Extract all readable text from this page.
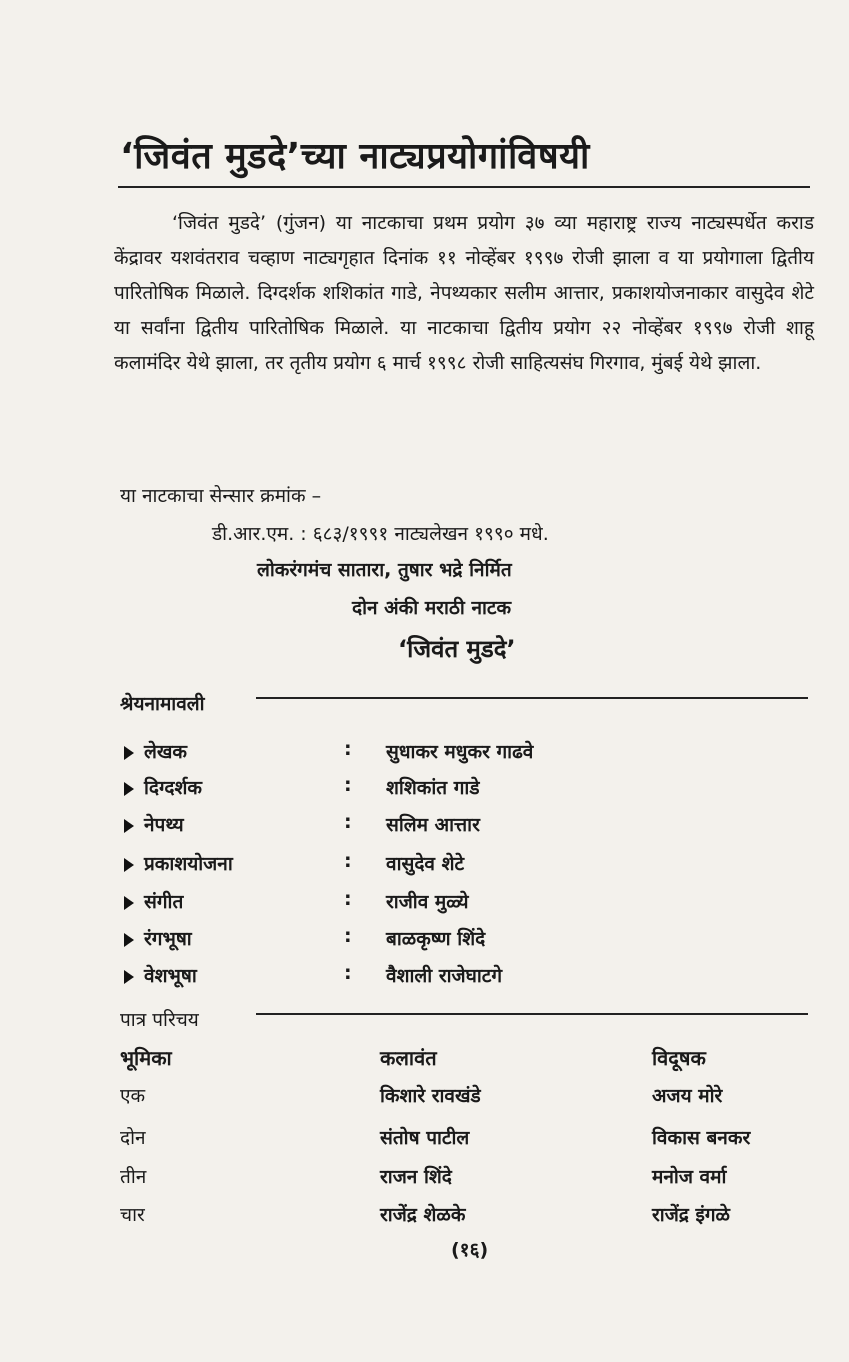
‘जिवंत मुडदे’च्या नाट्यप्रयोगांविषयी

‘जिवंत मुडदे’ (गुंजन) या नाटकाचा प्रथम प्रयोग ३७ व्या महाराष्ट्र राज्य नाट्यस्पर्धेत कराड केंद्रावर यशवंतराव चव्हाण नाट्यगृहात दिनांक ११ नोव्हेंबर १९९७ रोजी झाला व या प्रयोगाला द्वितीय पारितोषिक मिळाले. दिग्दर्शक शशिकांत गाडे, नेपथ्यकार सलीम आत्तार, प्रकाशयोजनाकार वासुदेव शेटे या सर्वांना द्वितीय पारितोषिक मिळाले. या नाटकाचा द्वितीय प्रयोग २२ नोव्हेंबर १९९७ रोजी शाहू कलामंदिर येथे झाला, तर तृतीय प्रयोग ६ मार्च १९९८ रोजी साहित्यसंघ गिरगाव, मुंबई येथे झाला.

या नाटकाचा सेन्सार क्रमांक –
डी.आर.एम. : ६८३/१९९१ नाट्यलेखन १९९० मधे.
लोकरंगमंच सातारा, तुषार भद्रे निर्मित
दोन अंकी मराठी नाटक
‘जिवंत मुडदे’
श्रेयनामावली
लेखक	: सुधाकर मधुकर गाढवे
दिग्दर्शक	: शशिकांत गाडे
नेपथ्य	: सलिम आत्तार
प्रकाशयोजना	: वासुदेव शेटे
संगीत	: राजीव मुळ्ये
रंगभूषा	: बाळकृष्ण शिंदे
वेशभूषा	: वैशाली राजेघाटगे
पात्र परिचय
भूमिका	कलावंत	विदूषक
एक	किशारे रावखंडे	अजय मोरे
दोन	संतोष पाटील	विकास बनकर
तीन	राजन शिंदे	मनोज वर्मा
चार	राजेंद्र शेळके	राजेंद्र इंगळे
(१६)
